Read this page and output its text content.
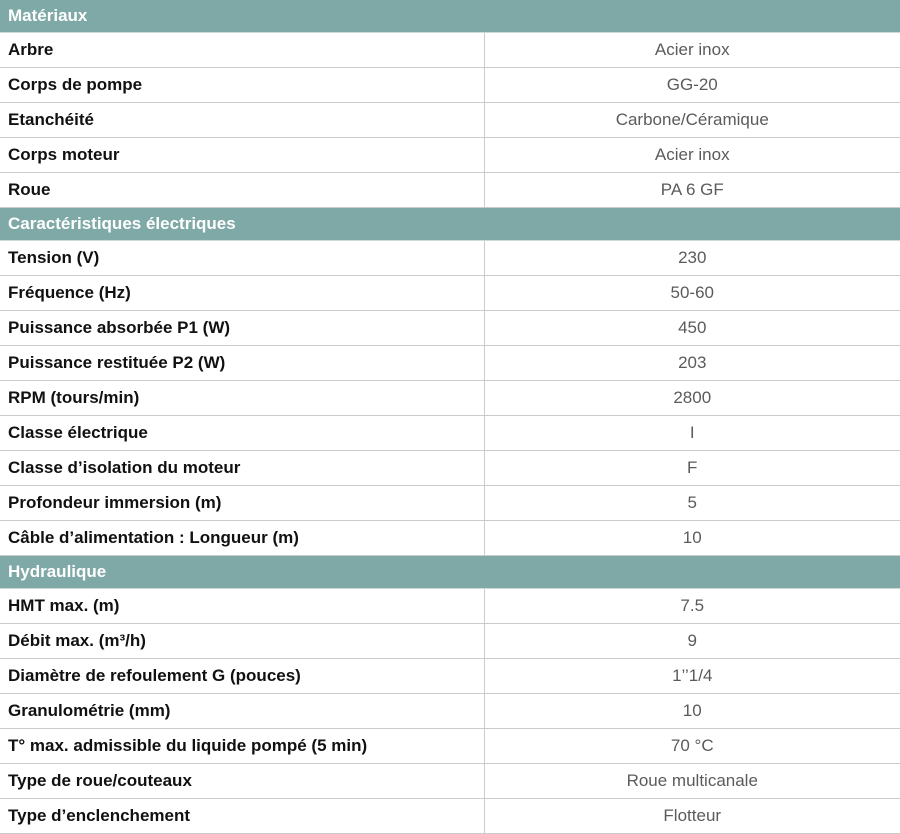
Matériaux	
Arbre	Acier inox
Corps de pompe	GG-20
Etanchéité	Carbone/Céramique
Corps moteur	Acier inox
Roue	PA 6 GF
Caractéristiques électriques	
Tension (V)	230
Fréquence (Hz)	50-60
Puissance absorbée P1 (W)	450
Puissance restituée P2 (W)	203
RPM (tours/min)	2800
Classe électrique	I
Classe d’isolation du moteur	F
Profondeur immersion (m)	5
Câble d’alimentation : Longueur (m)	10
Hydraulique	
HMT max. (m)	7.5
Débit max. (m³/h)	9
Diamètre de refoulement G (pouces)	1’’1/4
Granulométrie (mm)	10
T° max. admissible du liquide pompé (5 min)	70 °C
Type de roue/couteaux	Roue multicanale
Type d’enclenchement	Flotteur
